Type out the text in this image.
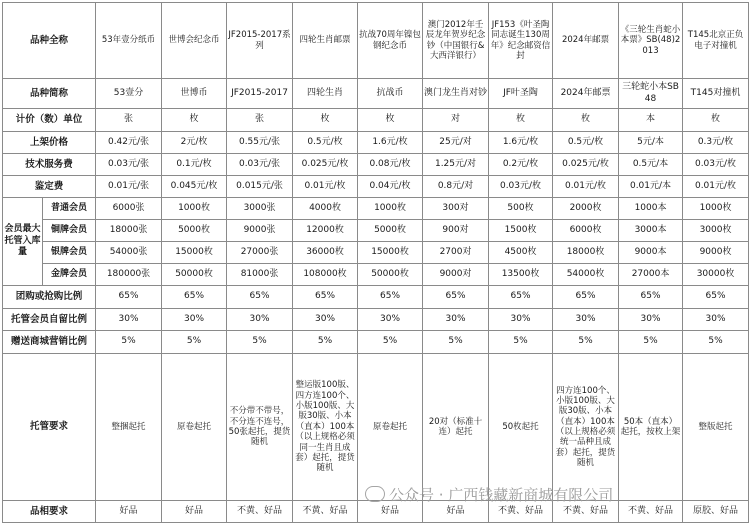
品种全称		53年壹分纸币	世博会纪念币	JF2015-2017系列	四轮生肖邮票	抗战70周年镍包钢纪念币	澳门2012年壬辰龙年贺岁纪念钞（中国银行&大西洋银行）	JF153《叶圣陶同志诞生130周年》纪念邮资信封	2024年邮票	《三轮生肖蛇小本票》SB(48)2013	T145北京正负电子对撞机
品种简称		53壹分	世博币	JF2015-2017	四轮生肖	抗战币	澳门龙生肖对钞	JF叶圣陶	2024年邮票	三轮蛇小本SB48	T145对撞机
计价（数）单位		张	枚	张	枚	枚	对	枚	枚	本	枚
上架价格		0.42元/张	2元/枚	0.55元/张	0.5元/枚	1.6元/枚	25元/对	1.6元/枚	0.5元/枚	5元/本	0.3元/枚
技术服务费		0.03元/张	0.1元/枚	0.03元/张	0.025元/枚	0.08元/枚	1.25元/对	0.2元/枚	0.025元/枚	0.5元/本	0.03元/枚
鉴定费		0.01元/张	0.045元/枚	0.015元/张	0.01元/枚	0.04元/枚	0.8元/对	0.03元/枚	0.01元/枚	0.01元/本	0.01元/枚
会员最大托管入库量	普通会员	6000张	1000枚	3000张	4000枚	1000枚	300对	500枚	2000枚	1000本	1000枚
	铜牌会员	18000张	5000枚	9000张	12000枚	5000枚	900对	1500枚	6000枚	3000本	3000枚
	银牌会员	54000张	15000枚	27000张	36000枚	15000枚	2700对	4500枚	18000枚	9000本	9000枚
	金牌会员	180000张	50000枚	81000张	108000枚	50000枚	9000对	13500枚	54000枚	27000本	30000枚
团购或抢购比例		65%	65%	65%	65%	65%	65%	65%	65%	65%	65%
托管会员自留比例		30%	30%	30%	30%	30%	30%	30%	30%	30%	30%
赠送商城营销比例		5%	5%	5%	5%	5%	5%	5%	5%	5%	5%
托管要求		整捆起托	原卷起托	不分带不带号，不分连不连号，50张起托，提货随机	整运版100版、四方连100个、小版100版、大版30版、小本（直本）100本（以上规格必须同一生肖且成套）起托，提货随机	原卷起托	20对（标准十连）起托	50枚起托	四方连100个、小版100版、大版30版、小本（直本）100本（以上规格必须统一品种且成套）起托，提货随机	50本（直本）起托，按枚上架	整版起托
品相要求		好品	好品	不黄、好品	不黄、好品	好品	好品	不黄、好品	不黄、好品	不黄、好品	原胶、好品
公众号 · 广西钱藏新商城有限公司
